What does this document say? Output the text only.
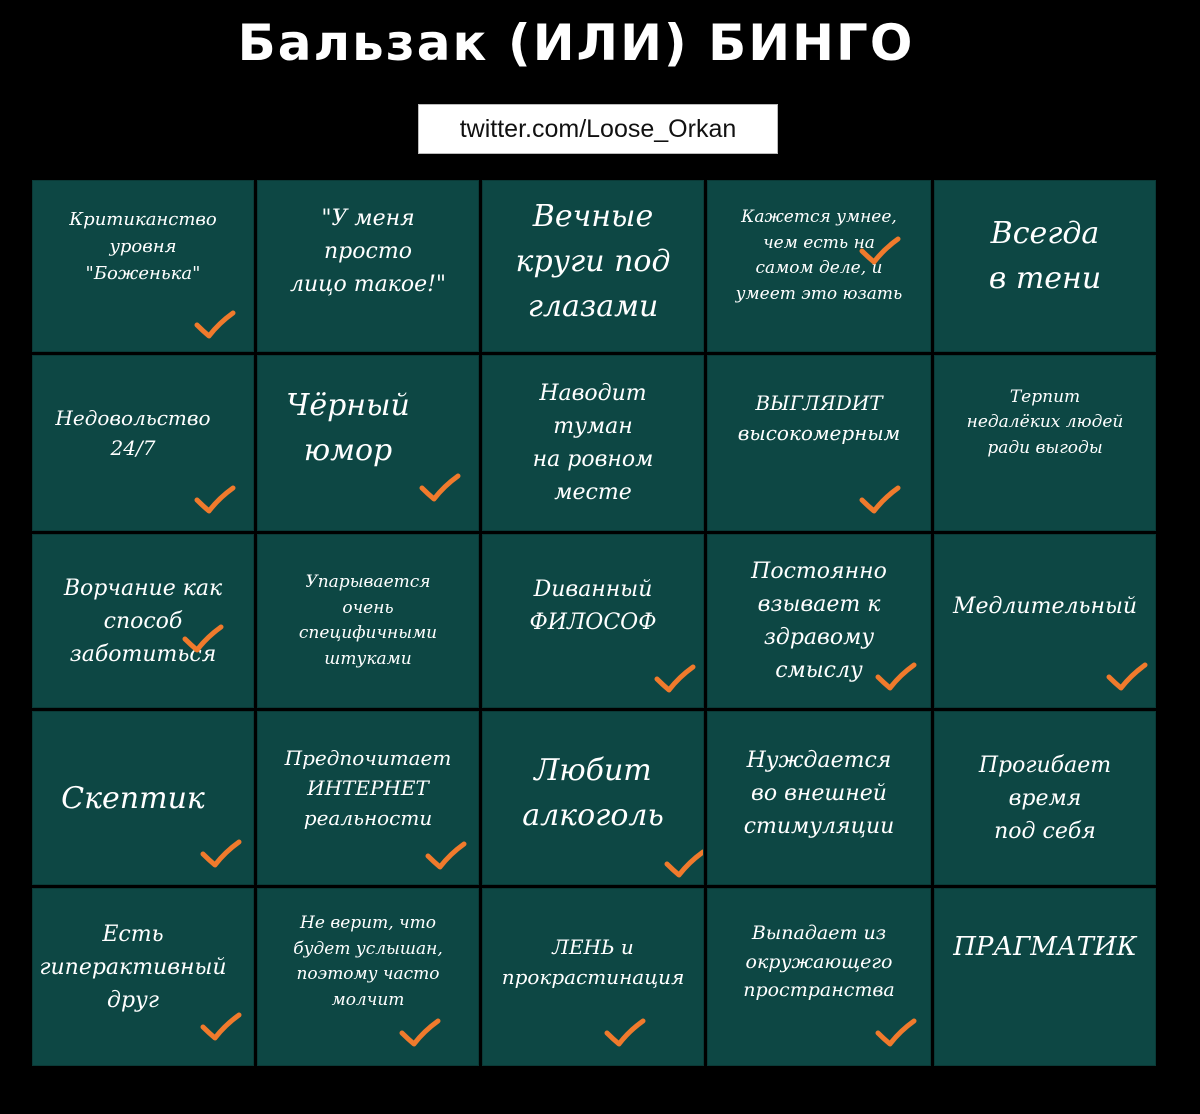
Бальзак (ИЛИ) БИНГО
twitter.com/Loose_Orkan
Критиканство
уровня
"Боженька"
"У меня
просто
лицо такое!"
Вечные
круги под
глазами
Кажется умнее,
чем есть на
самом деле, и
умеет это юзать
Всегда
в тени
Недовольство
24/7
Чёрный
юмор
Наводит
туман
на ровном
месте
ВЫГЛЯDИТ
высокомерным
Терпит
недалёких людей
ради выгоды
Ворчание как
способ
заботиться
Упарывается
очень
специфичными
штуками
Dиванный
ФИЛОСОФ
Постоянно
взывает к
здравому
смыслу
Медлительный
Скептик
Предпочитает
ИНТЕРНЕТ
реальности
Любит
алкоголь
Нуждается
во внешней
стимуляции
Прогибает
время
под себя
Есть
гиперактивный
друг
Не верит, что
будет услышан,
поэтому часто
молчит
ЛЕНЬ и
прокрастинация
Выпадает из
окружающего
пространства
ПРАГМАТИК
